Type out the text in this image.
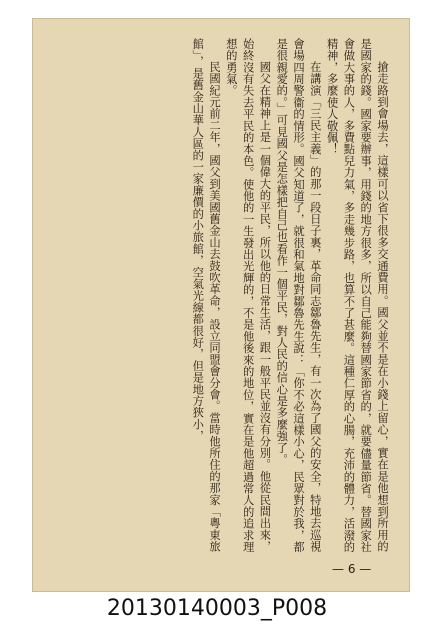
搶走路到會場去，這樣可以省下很多交通費用。國父並不是在小錢上留心，實在是他想到所用的是國家的錢。國家要辦事，用錢的地方很多，所以自己能夠替國家節省的，就要儘量節省。替國家社會做大事的人，多費點兒力氣，多走幾步路，也算不了甚麼。這種仁厚的心腸，充沛的體力，活潑的精神，多麼使人敬佩！

在講演「三民主義」的那一段日子裏，革命同志鄒魯先生，有一次為了國父的安全，特地去巡視會場四周警衞的情形。國父知道了，就很和氣地對鄒魯先生說：「你不必這樣小心，民眾對於我，都是很親愛的。」可見國父是怎樣把自己也看作一個平民，對人民的信心是多麼強了。

國父在精神上是一個偉大的平民，所以他的日常生活，跟一般平民並沒有分別。他從民間出來，始終沒有失去平民的本色。使他的一生發出光輝的，不是他後來的地位，實在是他超過常人的追求理想的勇氣。

民國紀元前二年，國父到美國舊金山去鼓吹革命，設立同盟會分會。當時他所住的那家「粵東旅館」，是舊金山華人區的一家廉價的小旅館，空氣光線都很好，但是地方狹小，

— 6 —
20130140003_P008
